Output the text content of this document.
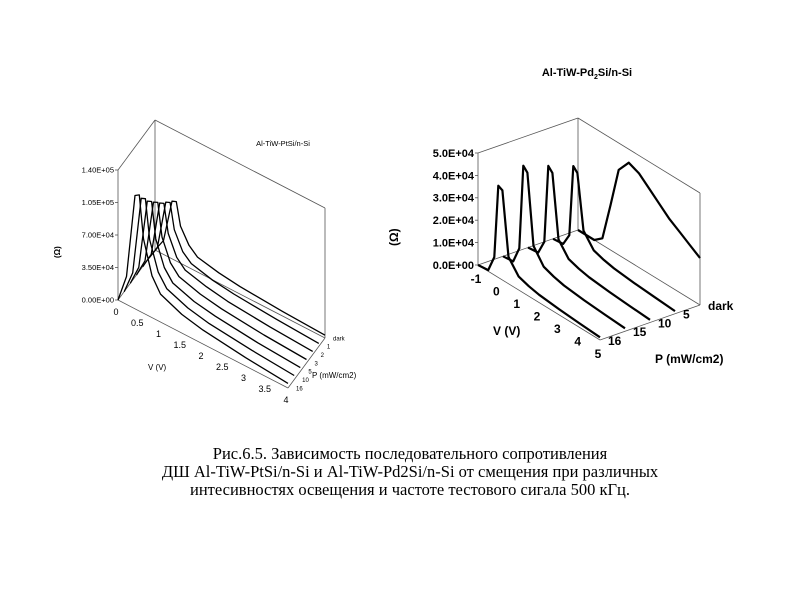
Al-TiW-PtSi/n-Si
0.00E+00
3.50E+04
7.00E+04
1.05E+05
1.40E+05
0
0.5
1
1.5
2
2.5
3
3.5
4
dark
1
2
3
5
10
16
V (V)
P (mW/cm2)
(Ω)
$Al-TiW-Pd_2Si/n-Si$
0.0E+00
1.0E+04
2.0E+04
3.0E+04
4.0E+04
5.0E+04
-1
0
1
2
3
4
5
dark
5
10
15
16
V (V)
P (mW/cm2)
(Ω)
Рис.6.5. Зависимость последовательного сопротивления
ДШ Al-TiW-PtSi/n-Si и Al-TiW-Pd2Si/n-Si от смещения при различных
интесивностях освещения и частоте тестового сигала 500 кГц.
